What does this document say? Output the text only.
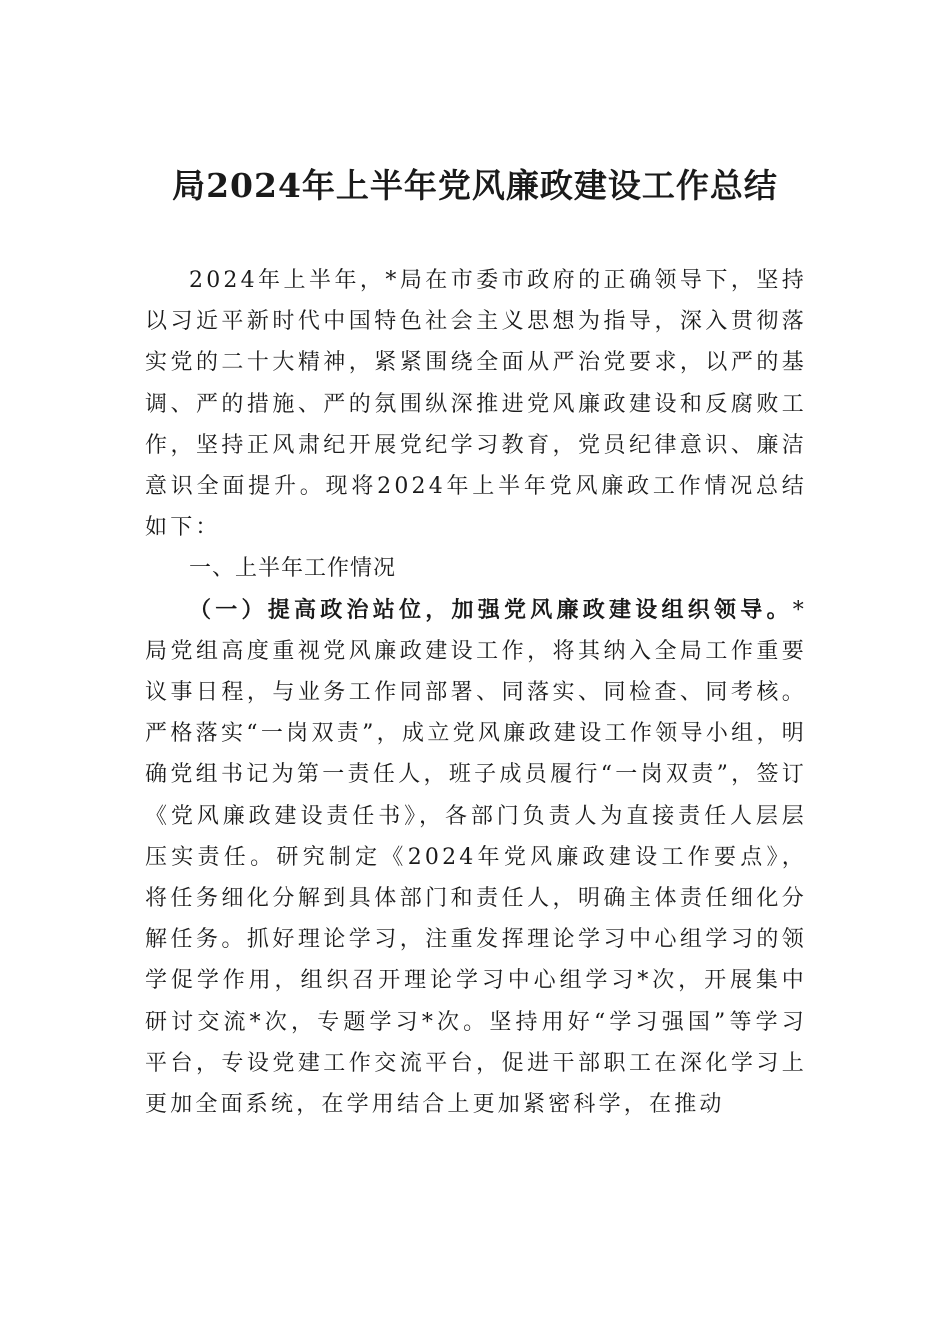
局2024年上半年党风廉政建设工作总结

2024年上半年，*局在市委市政府的正确领导下，坚持以习近平新时代中国特色社会主义思想为指导，深入贯彻落实党的二十大精神，紧紧围绕全面从严治党要求，以严的基调、严的措施、严的氛围纵深推进党风廉政建设和反腐败工作，坚持正风肃纪开展党纪学习教育，党员纪律意识、廉洁意识全面提升。现将2024年上半年党风廉政工作情况总结如下：

一、上半年工作情况

（一）提高政治站位，加强党风廉政建设组织领导。*局党组高度重视党风廉政建设工作，将其纳入全局工作重要议事日程，与业务工作同部署、同落实、同检查、同考核。严格落实“一岗双责”，成立党风廉政建设工作领导小组，明确党组书记为第一责任人，班子成员履行“一岗双责”，签订《党风廉政建设责任书》，各部门负责人为直接责任人层层压实责任。研究制定《2024年党风廉政建设工作要点》，将任务细化分解到具体部门和责任人，明确主体责任细化分解任务。抓好理论学习，注重发挥理论学习中心组学习的领学促学作用，组织召开理论学习中心组学习*次，开展集中研讨交流*次，专题学习*次。坚持用好“学习强国”等学习平台，专设党建工作交流平台，促进干部职工在深化学习上更加全面系统，在学用结合上更加紧密科学，在推动
